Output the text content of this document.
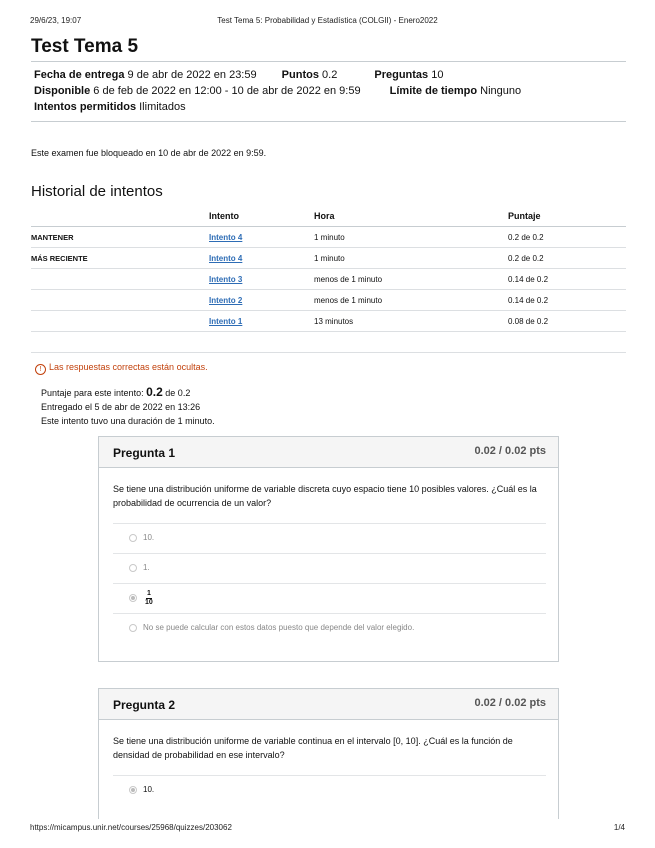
29/6/23, 19:07	Test Tema 5: Probabilidad y Estadística (COLGII) - Enero2022
Test Tema 5
Fecha de entrega 9 de abr de 2022 en 23:59 Puntos 0.2	Preguntas 10
Disponible 6 de feb de 2022 en 12:00 - 10 de abr de 2022 en 9:59	Límite de tiempo Ninguno
Intentos permitidos Ilimitados
Este examen fue bloqueado en 10 de abr de 2022 en 9:59.
Historial de intentos
	Intento	Hora	Puntaje
MANTENER	Intento 4	1 minuto	0.2 de 0.2
MÁS RECIENTE	Intento 4	1 minuto	0.2 de 0.2
	Intento 3	menos de 1 minuto	0.14 de 0.2
	Intento 2	menos de 1 minuto	0.14 de 0.2
	Intento 1	13 minutos	0.08 de 0.2

! Las respuestas correctas están ocultas.
Puntaje para este intento: 0.2 de 0.2
Entregado el 5 de abr de 2022 en 13:26
Este intento tuvo una duración de 1 minuto.
Pregunta 1	0.02 / 0.02 pts
Se tiene una distribución uniforme de variable discreta cuyo espacio tiene 10 posibles valores. ¿Cuál es la probabilidad de ocurrencia de un valor?
10.
1.
$\frac{1}{10}$
No se puede calcular con estos datos puesto que depende del valor elegido.
Pregunta 2	0.02 / 0.02 pts
Se tiene una distribución uniforme de variable continua en el intervalo [0, 10]. ¿Cuál es la función de densidad de probabilidad en ese intervalo?
10.
https://micampus.unir.net/courses/25968/quizzes/203062	1/4
